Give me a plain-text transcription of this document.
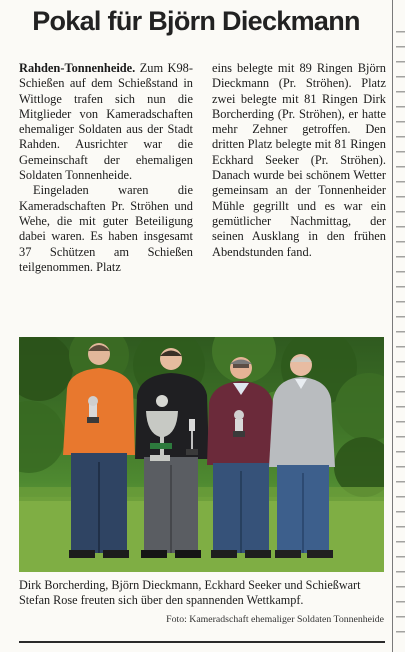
Pokal für Björn Dieckmann

Rahden-Tonnenheide. Zum K98-Schießen auf dem Schießstand in Wittloge trafen sich nun die Mitglieder von Kameradschaften ehemaliger Soldaten aus der Stadt Rahden. Ausrichter war die Gemeinschaft der ehemaligen Soldaten Tonnenheide.

Eingeladen waren die Kameradschaften Pr. Ströhen und Wehe, die mit guter Beteiligung dabei waren. Es haben insgesamt 37 Schützen am Schießen teilgenommen. Platz

eins belegte mit 89 Ringen Björn Dieckmann (Pr. Ströhen). Platz zwei belegte mit 81 Ringen Dirk Borcherding (Pr. Ströhen), er hatte mehr Zehner getroffen. Den dritten Platz belegte mit 81 Ringen Eckhard Seeker (Pr. Ströhen). Danach wurde bei schönem Wetter gemeinsam an der Tonnenheider Mühle gegrillt und es war ein gemütlicher Nachmittag, der seinen Ausklang in den frühen Abendstunden fand.

Dirk Borcherding, Björn Dieckmann, Eckhard Seeker und Schießwart Stefan Rose freuten sich über den spannenden Wettkampf.
Foto: Kameradschaft ehemaliger Soldaten Tonnenheide
